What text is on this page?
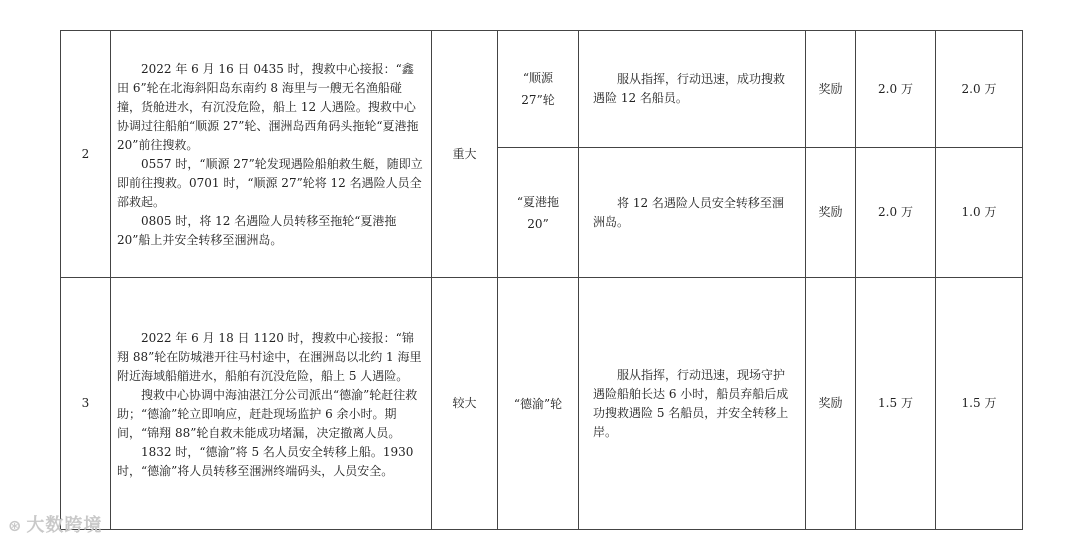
2	2022 年 6 月 16 日 0435 时，搜救中心接报：“鑫田 6”轮在北海斜阳岛东南约 8 海里与一艘无名渔船碰撞，货舱进水，有沉没危险，船上 12 人遇险。搜救中心协调过往船舶“顺源 27”轮、涠洲岛西角码头拖轮“夏港拖 20”前往搜救。

0557 时，“顺源 27”轮发现遇险船舶救生艇，随即立即前往搜救。0701 时，“顺源 27”轮将 12 名遇险人员全部救起。

0805 时，将 12 名遇险人员转移至拖轮“夏港拖 20”船上并安全转移至涠洲岛。	重大	“顺源 27”轮	服从指挥，行动迅速，成功搜救遇险 12 名船员。	奖励	2.0 万	2.0 万
			“夏港拖 20”	将 12 名遇险人员安全转移至涠洲岛。	奖励	2.0 万	1.0 万
3	2022 年 6 月 18 日 1120 时，搜救中心接报：“锦翔 88”轮在防城港开往马村途中，在涠洲岛以北约 1 海里附近海域船艏进水，船舶有沉没危险，船上 5 人遇险。

搜救中心协调中海油湛江分公司派出“德渝”轮赶往救助；“德渝”轮立即响应，赶赴现场监护 6 余小时。期间，“锦翔 88”轮自救未能成功堵漏，决定撤离人员。

1832 时，“德渝”将 5 名人员安全转移上船。1930 时，“德渝”将人员转移至涠洲终端码头，人员安全。	较大	“德渝”轮	服从指挥，行动迅速，现场守护遇险船舶长达 6 小时，船员弃船后成功搜救遇险 5 名船员，并安全转移上岸。	奖励	1.5 万	1.5 万
⊛ 大数跨境
